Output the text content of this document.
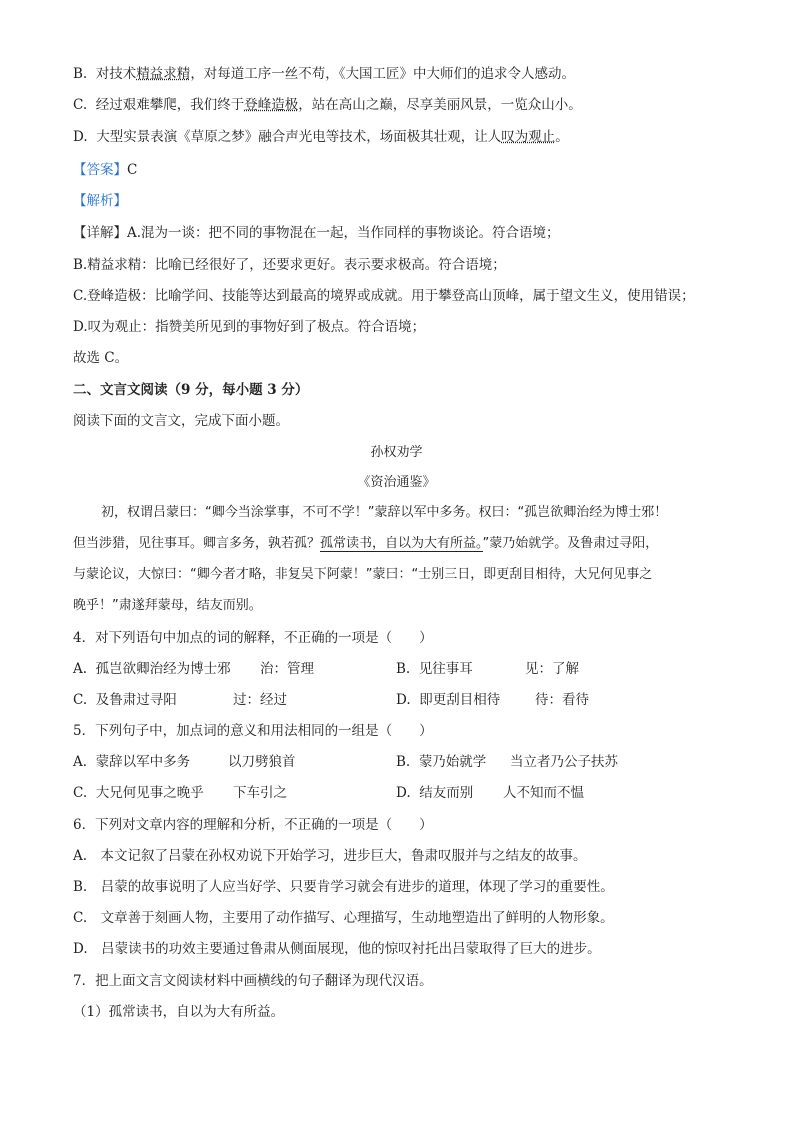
B. 对技术精益求精，对每道工序一丝不苟，《大国工匠》中大师们的追求令人感动。
C. 经过艰难攀爬，我们终于登峰造极，站在高山之巅，尽享美丽风景，一览众山小。
D. 大型实景表演《草原之梦》融合声光电等技术，场面极其壮观，让人叹为观止。
【答案】C
【解析】
【详解】A.混为一谈：把不同的事物混在一起，当作同样的事物谈论。符合语境；
B.精益求精：比喻已经很好了，还要求更好。表示要求极高。符合语境；
C.登峰造极：比喻学问、技能等达到最高的境界或成就。用于攀登高山顶峰，属于望文生义，使用错误；
D.叹为观止：指赞美所见到的事物好到了极点。符合语境；
故选 C。
二、文言文阅读（9 分，每小题 3 分）
阅读下面的文言文，完成下面小题。
孙权劝学
《资治通鉴》
初，权谓吕蒙曰：“卿今当涂掌事，不可不学！”蒙辞以军中多务。权曰：“孤岂欲卿治经为博士邪！
但当涉猎，见往事耳。卿言多务，孰若孤？孤常读书，自以为大有所益。”蒙乃始就学。及鲁肃过寻阳，
与蒙论议，大惊曰：“卿今者才略，非复吴下阿蒙！”蒙曰：“士别三日，即更刮目相待，大兄何见事之
晚乎！”肃遂拜蒙母，结友而别。
4．对下列语句中加点的词的解释，不正确的一项是（　　）
A. 孤岂欲卿治经为博士邪 治：管理	B. 见往事耳	见：了解
C. 及鲁肃过寻阳	过：经过	D. 即更刮目相待	待：看待
5．下列句子中，加点词的意义和用法相同的一组是（　　）
A. 蒙辞以军中多务	以刀劈狼首	B. 蒙乃始就学 当立者乃公子扶苏
C. 大兄何见事之晚乎 下车引之	D. 结友而别 人不知而不愠
6．下列对文章内容的理解和分析，不正确的一项是（　　）
A.　本文记叙了吕蒙在孙权劝说下开始学习，进步巨大，鲁肃叹服并与之结友的故事。
B.　吕蒙的故事说明了人应当好学、只要肯学习就会有进步的道理，体现了学习的重要性。
C.　文章善于刻画人物，主要用了动作描写、心理描写，生动地塑造出了鲜明的人物形象。
D.　吕蒙读书的功效主要通过鲁肃从侧面展现，他的惊叹衬托出吕蒙取得了巨大的进步。
7．把上面文言文阅读材料中画横线的句子翻译为现代汉语。
（1）孤常读书，自以为大有所益。
